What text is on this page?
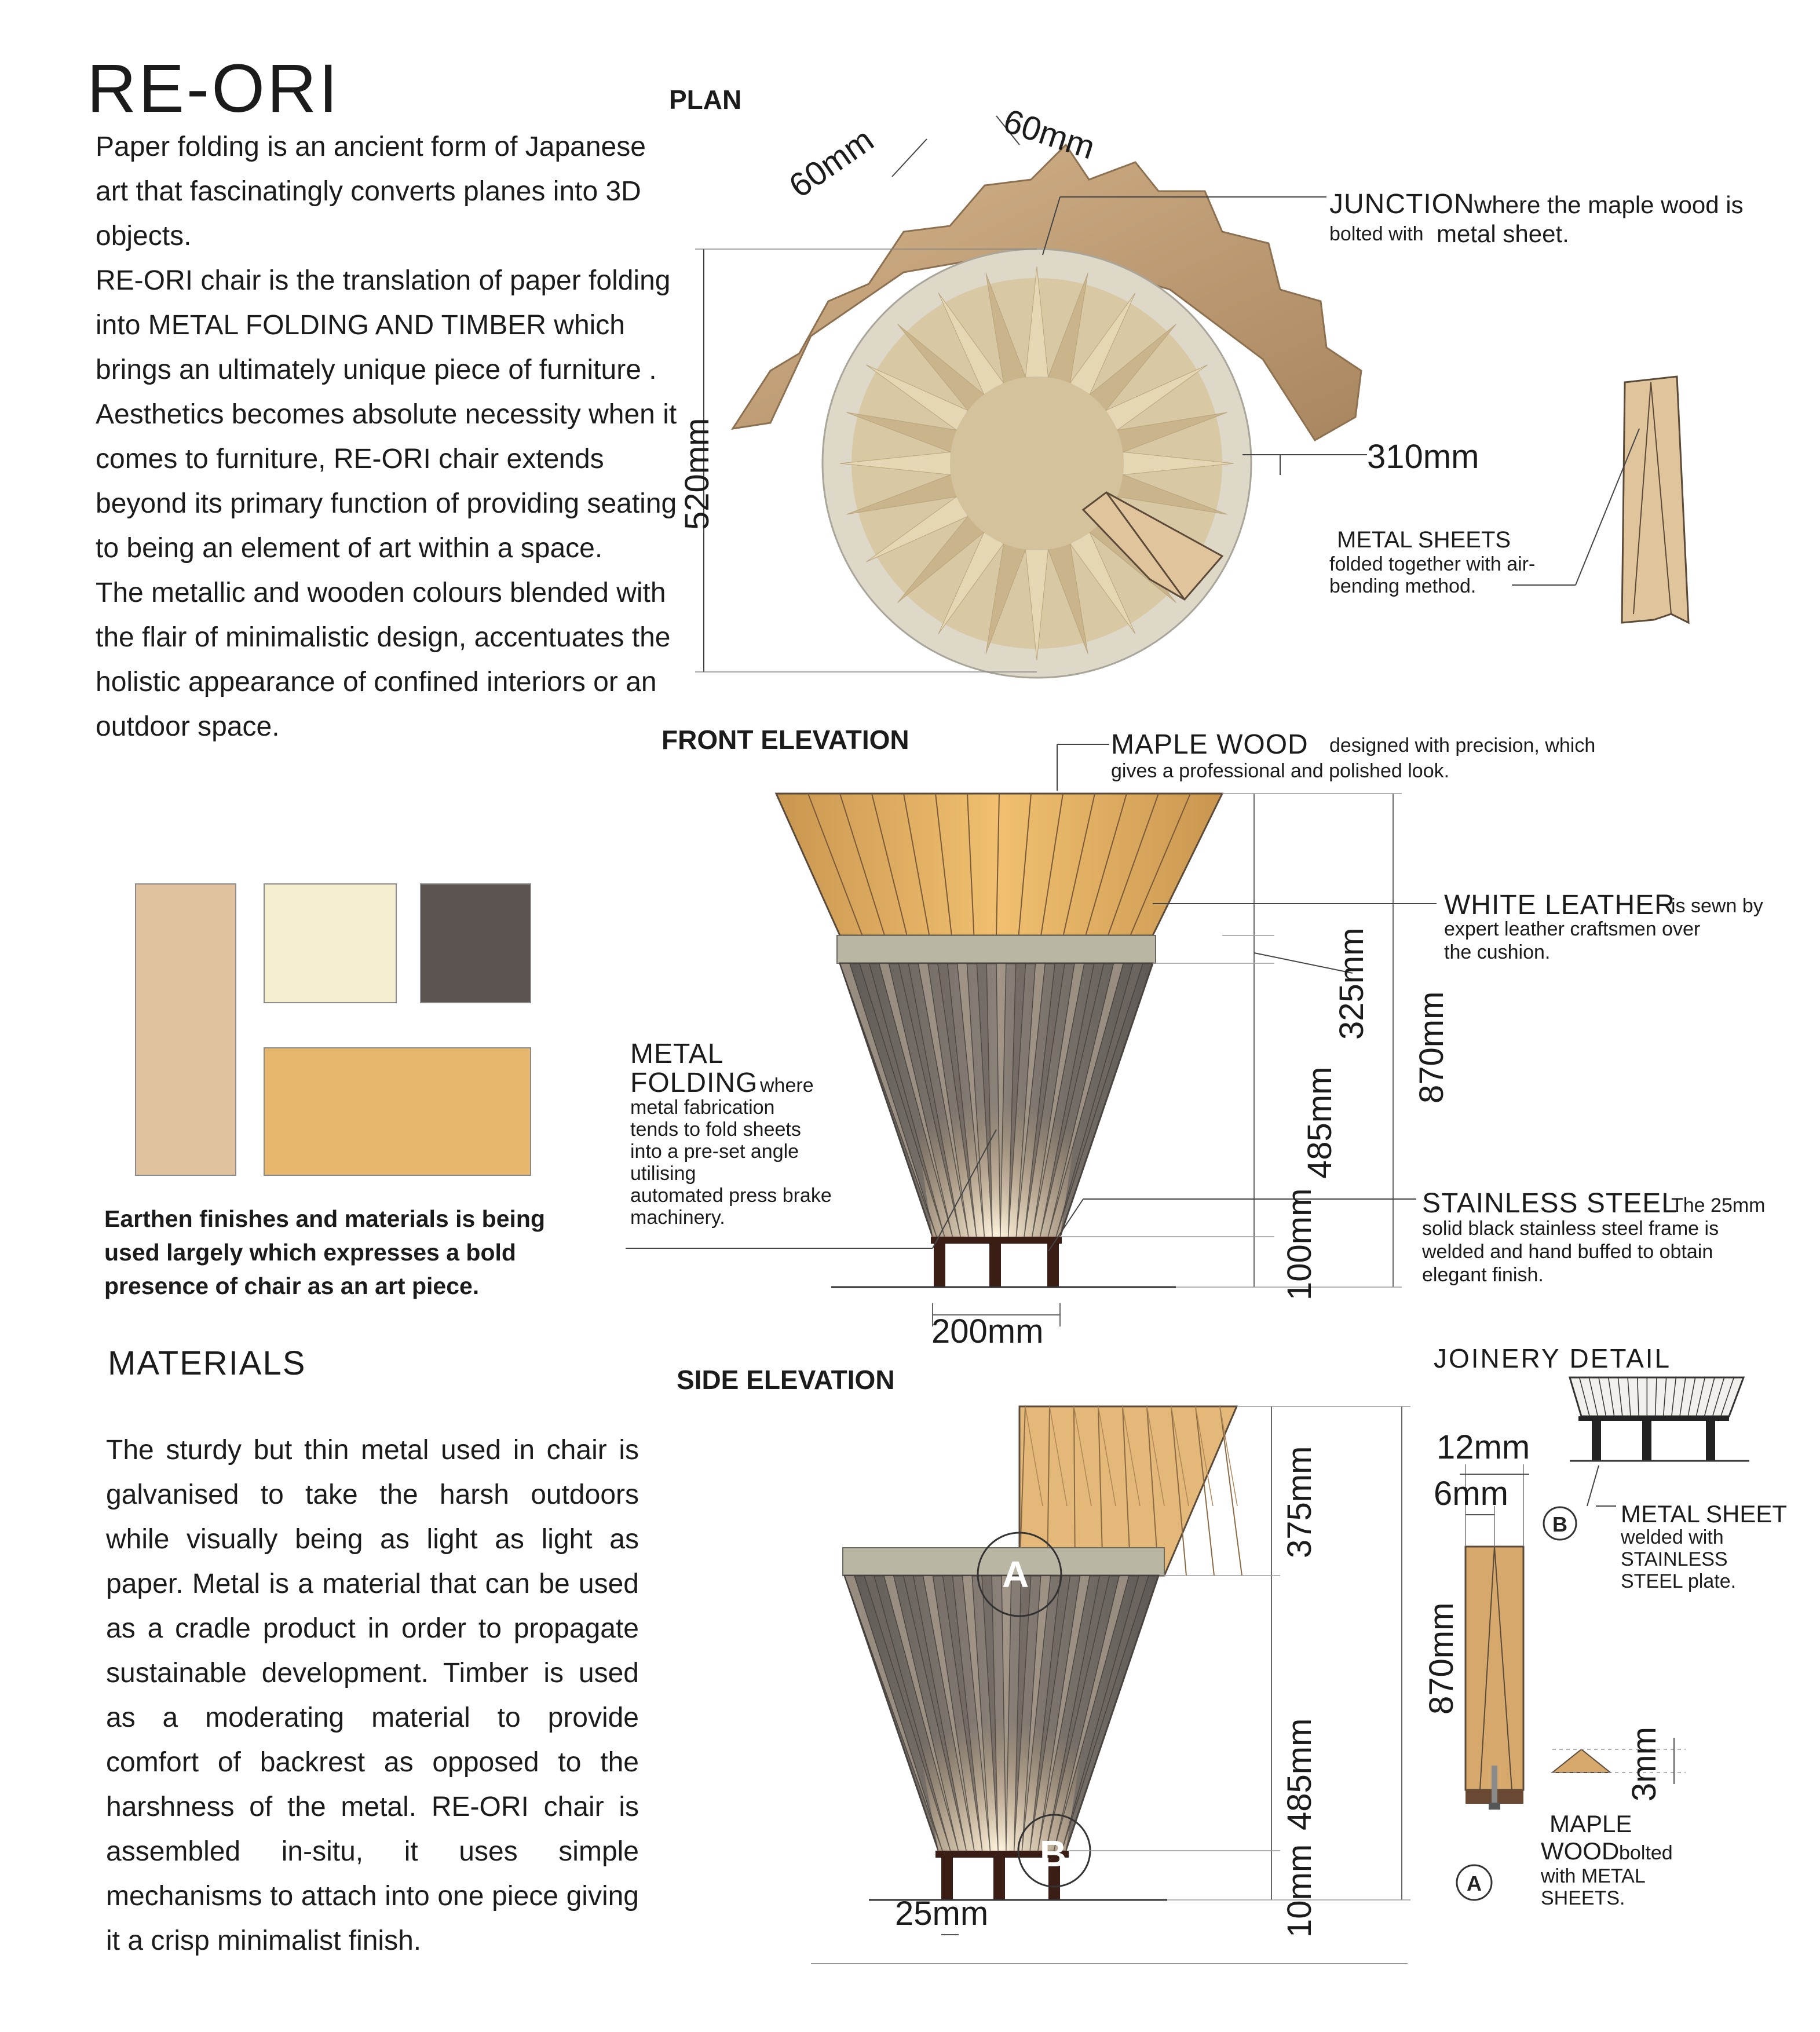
RE-ORI

Paper folding is an ancient form of Japanese art that fascinatingly converts planes into 3D objects.

RE-ORI chair is the translation of paper folding into METAL FOLDING AND TIMBER which brings an ultimately unique piece of furniture .

Aesthetics becomes absolute necessity when it comes to furniture, RE-ORI chair extends beyond its primary function of providing seating to being an element of art within a space.

The metallic and wooden colours blended with the flair of minimalistic design, accentuates the holistic appearance of confined interiors or an outdoor space.

Earthen finishes and materials is being used largely which expresses a bold presence of chair as an art piece.
MATERIALS
The sturdy but thin metal used in chair is galvanised to take the harsh outdoors while visually being as light as light as paper. Metal is a material that can be used as a cradle product in order to propagate sustainable development. Timber is used as a moderating material to provide comfort of backrest as opposed to the harshness of the metal. RE-ORI chair is assembled in-situ, it uses simple mechanisms to attach into one piece giving it a crisp minimalist finish.
PLAN
A
B
B
A
60mm	60mm
520mm	310mm
JUNCTION where the maple wood is
bolted with metal sheet.
METAL SHEETS
folded together with air-
bending method.
FRONT ELEVATION	MAPLE WOOD designed with precision, which
gives a professional and polished look.
WHITE LEATHER
is sewn by
expert leather craftsmen over
the cushion.
METAL
FOLDING where
metal fabrication
tends to fold sheets
into a pre-set angle
utilising
automated press brake
machinery.	STAINLESS STEEL
The 25mm
solid black stainless steel frame is
welded and hand buffed to obtain
elegant finish.
325mm
870mm
485mm
100mm
200mm
SIDE ELEVATION
375mm
485mm
10mm
25mm
JOINERY DETAIL
12mm
6mm
870mm
3mm
METAL SHEET
welded with
STAINLESS
STEEL plate.
MAPLE
WOOD bolted
with METAL
SHEETS.
